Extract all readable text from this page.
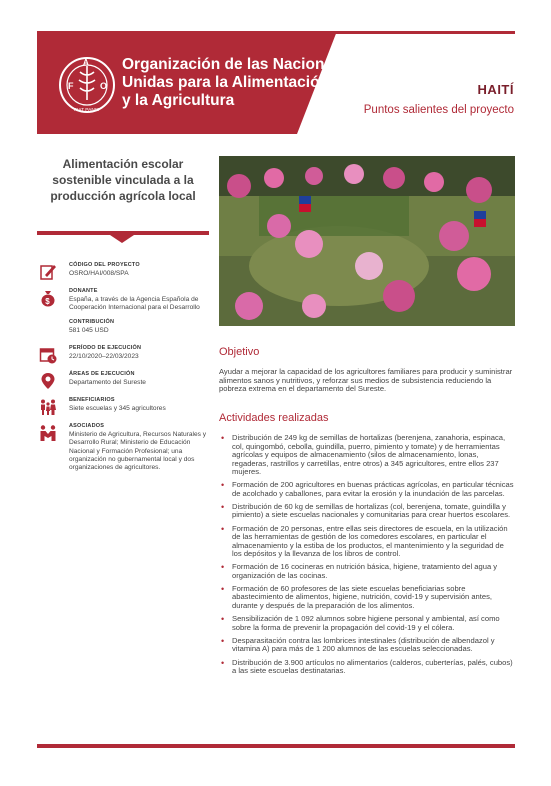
F
A
O
FIAT PANIS

Organización de las Naciones
Unidas para la Alimentación
y la Agricultura

HAITÍ

Puntos salientes del proyecto

Alimentación escolar sostenible vinculada a la producción agrícola local

CÓDIGO DEL PROYECTO

OSRO/HAI/008/SPA

$

DONANTE

España, a través de la Agencia Española de Cooperación Internacional para el Desarrollo

CONTRIBUCIÓN

581 045 USD

PERÍODO DE EJECUCIÓN

22/10/2020–22/03/2023

ÁREAS DE EJECUCIÓN

Departamento del Sureste

BENEFICIARIOS

Siete escuelas y 345 agricultores

ASOCIADOS

Ministerio de Agricultura, Recursos Naturales y Desarrollo Rural; Ministerio de Educación Nacional y Formación Profesional; una organización no gubernamental local y dos organizaciones de agricultores.

Objetivo

Ayudar a mejorar la capacidad de los agricultores familiares para producir y suministrar alimentos sanos y nutritivos, y reforzar sus medios de subsistencia reduciendo la pobreza extrema en el departamento del Sureste.

Actividades realizadas
• Distribución de 249 kg de semillas de hortalizas (berenjena, zanahoria, espinaca, col, quingombó, cebolla, guindilla, puerro, pimiento y tomate) y de herramientas agrícolas y equipos de almacenamiento (silos de almacenamiento, lonas, regaderas, rastrillos y carretillas, entre otros) a 345 agricultores, entre ellos 237 mujeres.
• Formación de 200 agricultores en buenas prácticas agrícolas, en particular técnicas de acolchado y caballones, para evitar la erosión y la inundación de las parcelas.
• Distribución de 60 kg de semillas de hortalizas (col, berenjena, tomate, guindilla y pimiento) a siete escuelas nacionales y comunitarias para crear huertos escolares.
• Formación de 20 personas, entre ellas seis directores de escuela, en la utilización de las herramientas de gestión de los comedores escolares, en particular el almacenamiento y la estiba de los productos, el mantenimiento y la seguridad de los depósitos y la llevanza de los libros de control.
• Formación de 16 cocineras en nutrición básica, higiene, tratamiento del agua y organización de las cocinas.
• Formación de 60 profesores de las siete escuelas beneficiarias sobre abastecimiento de alimentos, higiene, nutrición, covid-19 y supervisión antes, durante y después de la preparación de los alimentos.
• Sensibilización de 1 092 alumnos sobre higiene personal y ambiental, así como sobre la forma de prevenir la propagación del covid-19 y el cólera.
• Desparasitación contra las lombrices intestinales (distribución de albendazol y vitamina A) para más de 1 200 alumnos de las escuelas seleccionadas.
• Distribución de 3.900 artículos no alimentarios (calderos, cuberterías, palés, cubos) a las siete escuelas destinatarias.
